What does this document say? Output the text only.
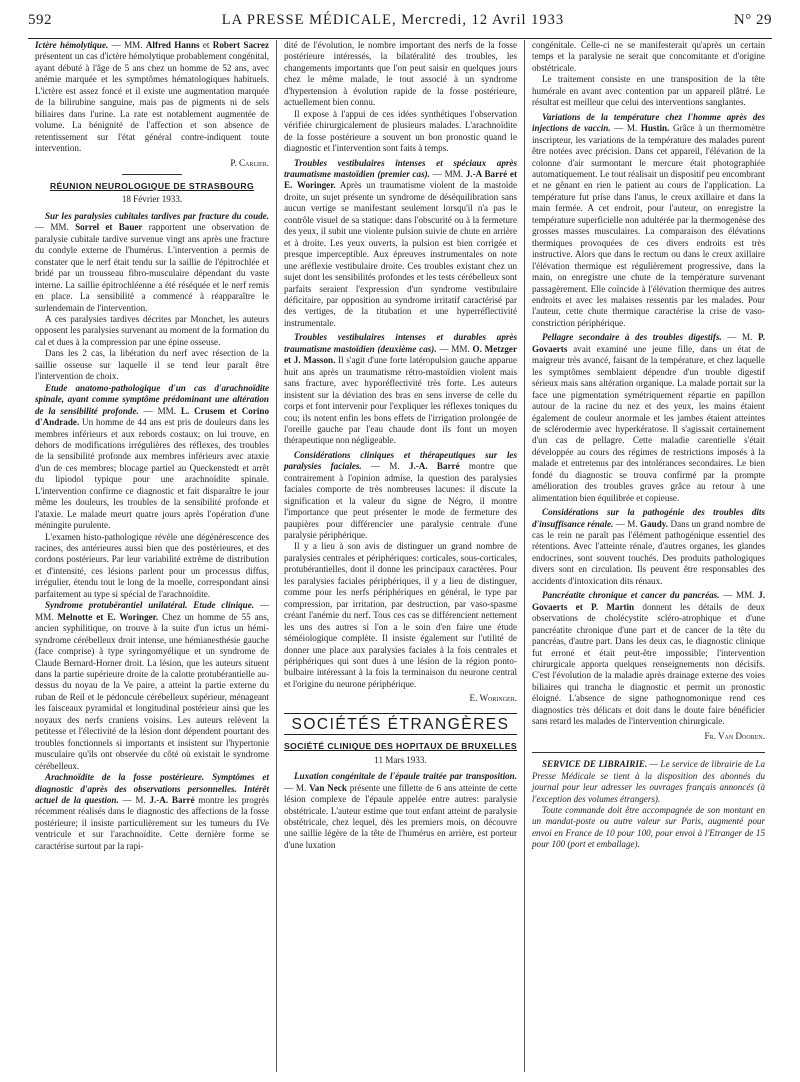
592	LA PRESSE MÉDICALE, Mercredi, 12 Avril 1933	N° 29

Ictère hémolytique. — MM. Alfred Hanns et Robert Sacrez présentent un cas d'ictère hémolytique probablement congénital, ayant débuté à l'âge de 5 ans chez un homme de 52 ans, avec anémie marquée et les symptômes hématologiques habituels. L'ictère est assez foncé et il existe une augmentation marquée de la bilirubine sanguine, mais pas de pigments ni de sels biliaires dans l'urine. La rate est notablement augmentée de volume. La bénignité de l'affection et son absence de retentissement sur l'état général contre-indiquent toute intervention.

P. Carlier.

RÉUNION NEUROLOGIQUE DE STRASBOURG

18 Février 1933.

Sur les paralysies cubitales tardives par fracture du coude. — MM. Sorrel et Bauer rapportent une observation de paralysie cubitale tardive survenue vingt ans après une fracture du condyle externe de l'humérus. L'intervention a permis de constater que le nerf était tendu sur la saillie de l'épitrochlée et bridé par un trousseau fibro-musculaire dépendant du vaste interne. La saillie épitrochléenne a été réséquée et le nerf remis en place. La sensibilité a commencé à réapparaître le surlendemain de l'intervention.

A ces paralysies tardives décrites par Monchet, les auteurs opposent les paralysies survenant au moment de la formation du cal et dues à la compression par une épine osseuse.

Dans les 2 cas, la libération du nerf avec résection de la saillie osseuse sur laquelle il se tend leur paraît être l'intervention de choix.

Etude anatomo-pathologique d'un cas d'arachnoïdite spinale, ayant comme symptôme prédominant une altération de la sensibilité profonde. — MM. L. Crusem et Corino d'Andrade. Un homme de 44 ans est pris de douleurs dans les membres inférieurs et aux rebords costaux; on lui trouve, en dehors de modifications irrégulières des réflexes, des troubles de la sensibilité profonde aux membres inférieurs avec ataxie d'un de ces membres; blocage partiel au Queckenstedt et arrêt du lipiodol typique pour une arachnoïdite spinale. L'intervention confirme ce diagnostic et fait disparaître le jour même les douleurs, les troubles de la sensibilité profonde et l'ataxie. Le malade meurt quatre jours après l'opération d'une méningite purulente.

L'examen histo-pathologique révèle une dégénérescence des racines, des antérieures aussi bien que des postérieures, et des cordons postérieurs. Par leur variabilité extrême de distribution et d'intensité, ces lésions parlent pour un processus diffus, irrégulier, étendu tout le long de la moelle, correspondant ainsi parfaitement au type si spécial de l'arachnoïdite.

Syndrome protubérantiel unilatéral. Etude clinique. — MM. Melnotte et E. Woringer. Chez un homme de 55 ans, ancien syphilitique, on trouve à la suite d'un ictus un hémi-syndrome cérébelleux droit intense, une hémianesthésie gauche (face comprise) à type syringomyélique et un syndrome de Claude Bernard-Horner droit. La lésion, que les auteurs situent dans la partie supérieure droite de la calotte protubérantielle au-dessus du noyau de la Ve paire, a atteint la partie externe du ruban de Reil et le pédoncule cérébelleux supérieur, ménageant les faisceaux pyramidal et longitudinal postérieur ainsi que les noyaux des nerfs craniens voisins. Les auteurs relèvent la petitesse et l'électivité de la lésion dont dépendent pourtant des troubles fonctionnels si importants et insistent sur l'hypertonie musculaire qu'ils ont observée du côté où existait le syndrome cérébelleux.

Arachnoïdite de la fosse postérieure. Symptômes et diagnostic d'après des observations personnelles. Intérêt actuel de la question. — M. J.-A. Barré montre les progrès récemment réalisés dans le diagnostic des affections de la fosse postérieure; il insiste particulièrement sur les tumeurs du IVe ventricule et sur l'arachnoïdite. Cette dernière forme se caractérise surtout par la rapi-

dité de l'évolution, le nombre important des nerfs de la fosse postérieure intéressés, la bilatéralité des troubles, les changements importants que l'on peut saisir en quelques jours chez le même malade, le tout associé à un syndrome d'hypertension à évolution rapide de la fosse postérieure, actuellement bien connu.

Il expose à l'appui de ces idées synthétiques l'observation vérifiée chirurgicalement de plusieurs malades. L'arachnoïdite de la fosse postérieure a souvent un bon pronostic quand le diagnostic et l'intervention sont faits à temps.

Troubles vestibulaires intenses et spéciaux après traumatisme mastoïdien (premier cas). — MM. J.-A Barré et E. Woringer. Après un traumatisme violent de la mastoïde droite, un sujet présente un syndrome de déséquilibration sans aucun vertige se manifestant seulement lorsqu'il n'a pas le contrôle visuel de sa statique: dans l'obscurité ou à la fermeture des yeux, il subit une violente pulsion suivie de chute en arrière et à droite. Les yeux ouverts, la pulsion est bien corrigée et presque imperceptible. Aux épreuves instrumentales on note une aréflexie vestibulaire droite. Ces troubles existant chez un sujet dont les sensibilités profondes et les tests cérébelleux sont parfaits seraient l'expression d'un syndrome vestibulaire déficitaire, par opposition au syndrome irritatif caractérisé par des vertiges, de la titubation et une hyperréflectivité instrumentale.

Troubles vestibulaires intenses et durables après traumatisme mastoïdien (deuxième cas). — MM. O. Metzger et J. Masson. Il s'agit d'une forte latéropulsion gauche apparue huit ans après un traumatisme rétro-mastoïdien violent mais sans fracture, avec hyporéflectivité très forte. Les auteurs insistent sur la déviation des bras en sens inverse de celle du corps et font intervenir pour l'expliquer les réflexes toniques du cou; ils notent enfin les bons effets de l'irrigation prolongée de l'oreille gauche par l'eau chaude dont ils font un moyen thérapeutique non négligeable.

Considérations cliniques et thérapeutiques sur les paralysies faciales. — M. J.-A. Barré montre que contrairement à l'opinion admise, la question des paralysies faciales comporte de très nombreuses lacunes: il discute la signification et la valeur du signe de Négro, il montre l'importance que peut présenter le mode de fermeture des paupières pour différencier une paralysie centrale d'une paralysie périphérique.

Il y a lieu à son avis de distinguer un grand nombre de paralysies centrales et périphériques: corticales, sous-corticales, protubérantielles, dont il donne les principaux caractères. Pour les paralysies faciales périphériques, il y a lieu de distinguer, comme pour les nerfs périphériques en général, le type par compression, par irritation, par destruction, par vaso-spasme créant l'anémie du nerf. Tous ces cas se différencient nettement les uns des autres si l'on a le soin d'en faire une étude séméiologique complète. Il insiste également sur l'utilité de donner une place aux paralysies faciales à la fois centrales et périphériques qui sont dues à une lésion de la région ponto-bulbaire intéressant à la fois la terminaison du neurone central et l'origine du neurone périphérique.

E. Woringer.

SOCIÉTÉS ÉTRANGÈRES
SOCIÉTÉ CLINIQUE DES HOPITAUX DE BRUXELLES

11 Mars 1933.

Luxation congénitale de l'épaule traitée par transposition. — M. Van Neck présente une fillette de 6 ans atteinte de cette lésion complexe de l'épaule appelée entre autres: paralysie obstétricale. L'auteur estime que tout enfant atteint de paralysie obstétricale, chez lequel, dès les premiers mois, on découvre une saillie légère de la tête de l'humérus en arrière, est porteur d'une luxation

congénitale. Celle-ci ne se manifesterait qu'après un certain temps et la paralysie ne serait que concomitante et d'origine obstétricale.

Le traitement consiste en une transposition de la tête humérale en avant avec contention par un appareil plâtré. Le résultat est meilleur que celui des interventions sanglantes.

Variations de la température chez l'homme après des injections de vaccin. — M. Hustin. Grâce à un thermomètre inscripteur, les variations de la température des malades purent être notées avec précision. Dans cet appareil, l'élévation de la colonne d'air surmontant le mercure était photographiée automatiquement. Le tout réalisait un dispositif peu encombrant et ne gênant en rien le patient au cours de l'application. La température fut prise dans l'anus, le creux axillaire et dans la main fermée. A cet endroit, pour l'auteur, on enregistre la température superficielle non adultérée par la thermogenèse des grosses masses musculaires. La comparaison des élévations thermiques provoquées de ces divers endroits est très instructive. Alors que dans le rectum ou dans le creux axillaire l'élévation thermique est régulièrement progressive, dans la main, on enregistre une chute de la température survenant passagèrement. Elle coïncide à l'élévation thermique des autres endroits et avec les malaises ressentis par les malades. Pour l'auteur, cette chute thermique caractérise la crise de vaso-constriction périphérique.

Pellagre secondaire à des troubles digestifs. — M. P. Govaerts avait examiné une jeune fille, dans un état de maigreur très avancé, faisant de la température, et chez laquelle les symptômes semblaient dépendre d'un trouble digestif sérieux mais sans altération organique. La malade portait sur la face une pigmentation symétriquement répartie en papillon autour de la racine du nez et des yeux, les mains étaient également de couleur anormale et les jambes étaient atteintes de sclérodermie avec hyperkératose. Il s'agissait certainement d'un cas de pellagre. Cette maladie carentielle s'était développée au cours des régimes de restrictions imposés à la malade et entretenus par des intolérances secondaires. Le bien fondé du diagnostic se trouva confirmé par la prompte amélioration des troubles graves grâce au retour à une alimentation bien équilibrée et copieuse.

Considérations sur la pathogénie des troubles dits d'insuffisance rénale. — M. Gaudy. Dans un grand nombre de cas le rein ne paraît pas l'élément pathogénique essentiel des rétentions. Avec l'atteinte rénale, d'autres organes, les glandes endocrines, sont souvent touchés. Des produits pathologiques divers sont en circulation. Ils peuvent être responsables des accidents d'intoxication dits rénaux.

Pancréatite chronique et cancer du pancréas. — MM. J. Govaerts et P. Martin donnent les détails de deux observations de cholécystite scléro-atrophique et d'une pancréatite chronique d'une part et de cancer de la tête du pancréas, d'autre part. Dans les deux cas, le diagnostic clinique fut erroné et était peut-être impossible; l'intervention chirurgicale apporta quelques renseignements non décisifs. C'est l'évolution de la maladie après drainage externe des voies biliaires qui trancha le diagnostic et permit un pronostic éloigné. L'absence de signe pathognomonique rend ces diagnostics très délicats et doit dans le doute faire bénéficier sans retard les malades de l'intervention chirurgicale.

Fr. Van Dooren.

SERVICE DE LIBRAIRIE. — Le service de librairie de La Presse Médicale se tient à la disposition des abonnés du journal pour leur adresser les ouvrages français annoncés (à l'exception des volumes étrangers).

Toute commande doit être accompagnée de son montant en un mandat-poste ou autre valeur sur Paris, augmenté pour envoi en France de 10 pour 100, pour envoi à l'Etranger de 15 pour 100 (port et emballage).
